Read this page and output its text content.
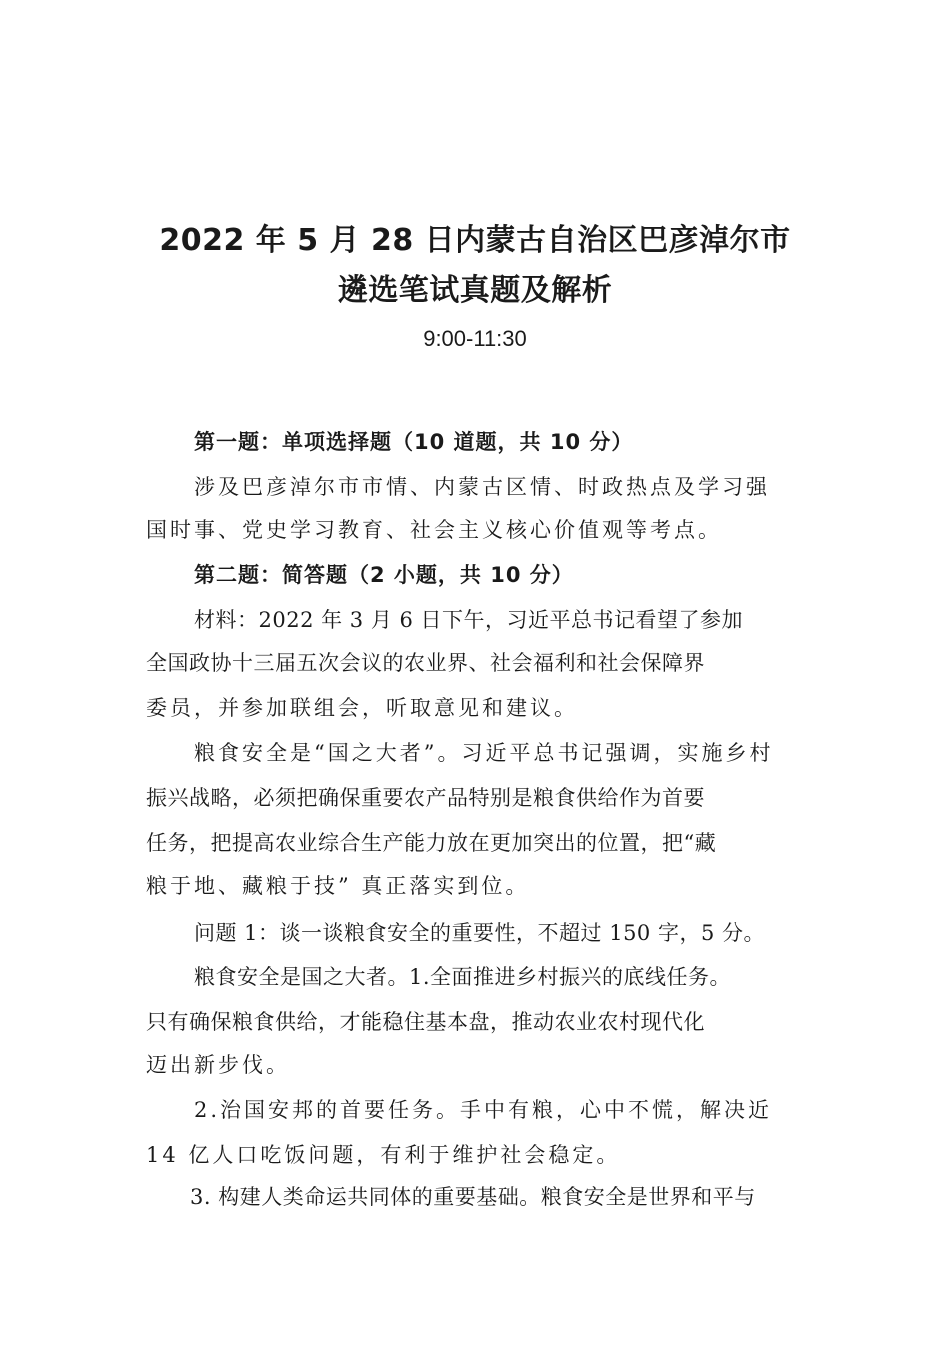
2022 年 5 月 28 日内蒙古自治区巴彦淖尔市
遴选笔试真题及解析
9:00-11:30
第一题：单项选择题（10 道题，共 10 分）
涉及巴彦淖尔市市情、内蒙古区情、时政热点及学习强
国时事、党史学习教育、社会主义核心价值观等考点。
第二题：简答题（2 小题，共 10 分）
材料：2022 年 3 月 6 日下午，习近平总书记看望了参加
全国政协十三届五次会议的农业界、社会福利和社会保障界
委员，并参加联组会，听取意见和建议。
粮食安全是“国之大者”。习近平总书记强调，实施乡村
振兴战略，必须把确保重要农产品特别是粮食供给作为首要
任务，把提高农业综合生产能力放在更加突出的位置，把“藏
粮于地、藏粮于技” 真正落实到位。
问题 1：谈一谈粮食安全的重要性，不超过 150 字，5 分。
粮食安全是国之大者。1.全面推进乡村振兴的底线任务。
只有确保粮食供给，才能稳住基本盘，推动农业农村现代化
迈出新步伐。
2.治国安邦的首要任务。手中有粮，心中不慌，解决近
14 亿人口吃饭问题，有利于维护社会稳定。
3. 构建人类命运共同体的重要基础。粮食安全是世界和平与
